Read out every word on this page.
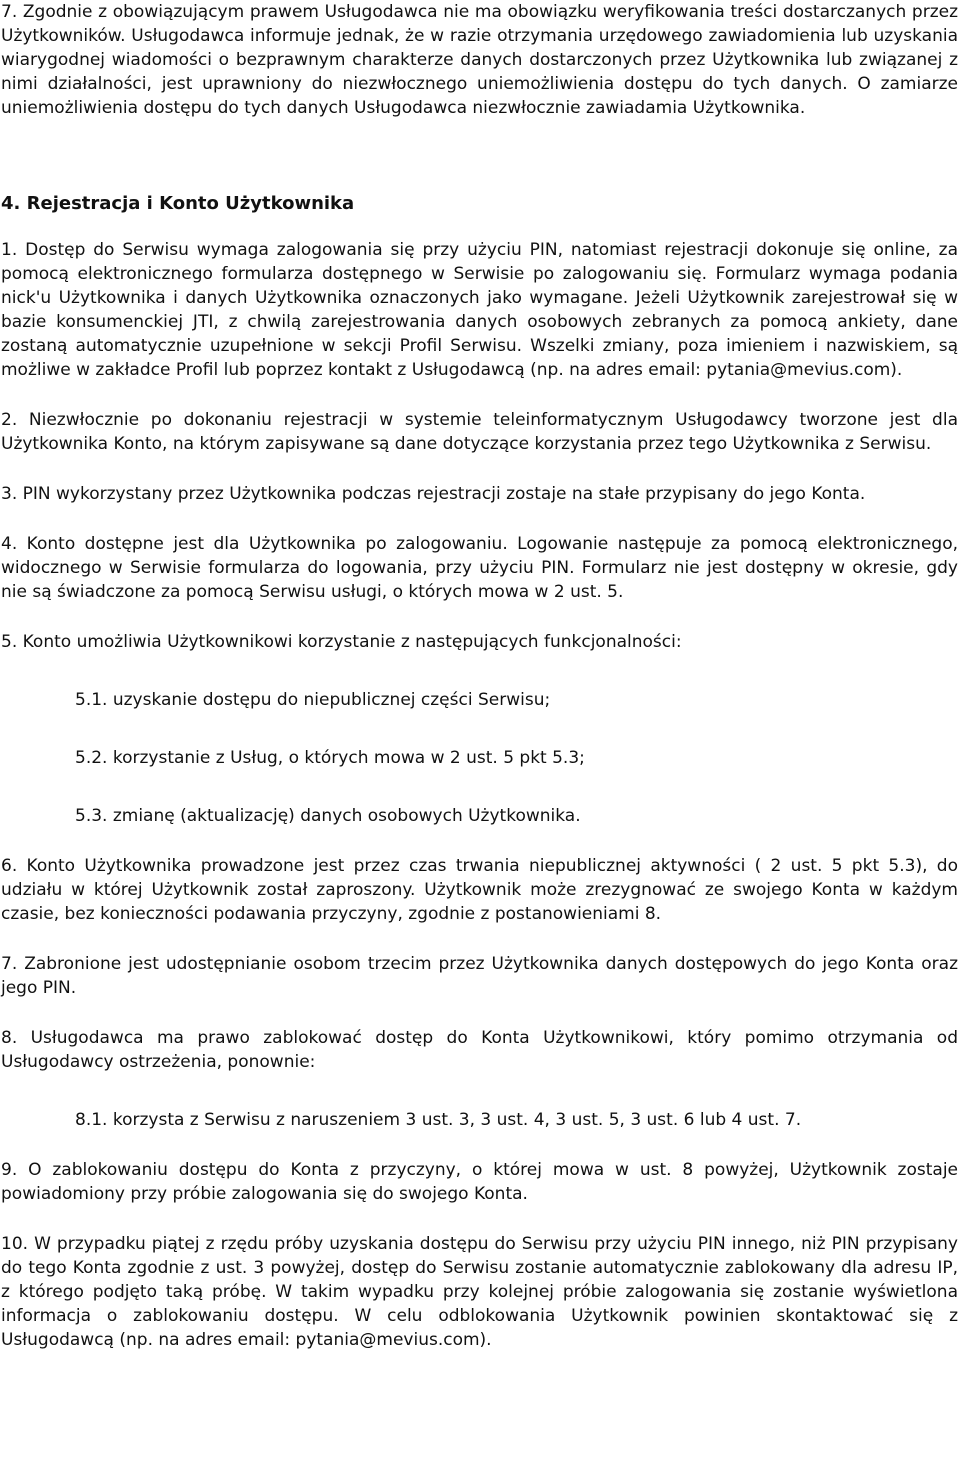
7. Zgodnie z obowiązującym prawem Usługodawca nie ma obowiązku weryfikowania treści dostarczanych przez Użytkowników. Usługodawca informuje jednak, że w razie otrzymania urzędowego zawiadomienia lub uzyskania wiarygodnej wiadomości o bezprawnym charakterze danych dostarczonych przez Użytkownika lub związanej z nimi działalności, jest uprawniony do niezwłocznego uniemożliwienia dostępu do tych danych. O zamiarze uniemożliwienia dostępu do tych danych Usługodawca niezwłocznie zawiadamia Użytkownika.

4. Rejestracja i Konto Użytkownika

1. Dostęp do Serwisu wymaga zalogowania się przy użyciu PIN, natomiast rejestracji dokonuje się online, za pomocą elektronicznego formularza dostępnego w Serwisie po zalogowaniu się. Formularz wymaga podania nick'u Użytkownika i danych Użytkownika oznaczonych jako wymagane. Jeżeli Użytkownik zarejestrował się w bazie konsumenckiej JTI, z chwilą zarejestrowania danych osobowych zebranych za pomocą ankiety, dane zostaną automatycznie uzupełnione w sekcji Profil Serwisu. Wszelki zmiany, poza imieniem i nazwiskiem, są możliwe w zakładce Profil lub poprzez kontakt z Usługodawcą (np. na adres email: pytania@mevius.com).

2. Niezwłocznie po dokonaniu rejestracji w systemie teleinformatycznym Usługodawcy tworzone jest dla Użytkownika Konto, na którym zapisywane są dane dotyczące korzystania przez tego Użytkownika z Serwisu.

3. PIN wykorzystany przez Użytkownika podczas rejestracji zostaje na stałe przypisany do jego Konta.

4. Konto dostępne jest dla Użytkownika po zalogowaniu. Logowanie następuje za pomocą elektronicznego, widocznego w Serwisie formularza do logowania, przy użyciu PIN. Formularz nie jest dostępny w okresie, gdy nie są świadczone za pomocą Serwisu usługi, o których mowa w 2 ust. 5.

5. Konto umożliwia Użytkownikowi korzystanie z następujących funkcjonalności:

5.1. uzyskanie dostępu do niepublicznej części Serwisu;

5.2. korzystanie z Usług, o których mowa w 2 ust. 5 pkt 5.3;

5.3. zmianę (aktualizację) danych osobowych Użytkownika.

6. Konto Użytkownika prowadzone jest przez czas trwania niepublicznej aktywności ( 2 ust. 5 pkt 5.3), do udziału w której Użytkownik został zaproszony. Użytkownik może zrezygnować ze swojego Konta w każdym czasie, bez konieczności podawania przyczyny, zgodnie z postanowieniami 8.

7. Zabronione jest udostępnianie osobom trzecim przez Użytkownika danych dostępowych do jego Konta oraz jego PIN.

8. Usługodawca ma prawo zablokować dostęp do Konta Użytkownikowi, który pomimo otrzymania od Usługodawcy ostrzeżenia, ponownie:

8.1. korzysta z Serwisu z naruszeniem 3 ust. 3, 3 ust. 4, 3 ust. 5, 3 ust. 6 lub 4 ust. 7.

9. O zablokowaniu dostępu do Konta z przyczyny, o której mowa w ust. 8 powyżej, Użytkownik zostaje powiadomiony przy próbie zalogowania się do swojego Konta.

10. W przypadku piątej z rzędu próby uzyskania dostępu do Serwisu przy użyciu PIN innego, niż PIN przypisany do tego Konta zgodnie z ust. 3 powyżej, dostęp do Serwisu zostanie automatycznie zablokowany dla adresu IP, z którego podjęto taką próbę. W takim wypadku przy kolejnej próbie zalogowania się zostanie wyświetlona informacja o zablokowaniu dostępu. W celu odblokowania Użytkownik powinien skontaktować się z Usługodawcą (np. na adres email: pytania@mevius.com).
